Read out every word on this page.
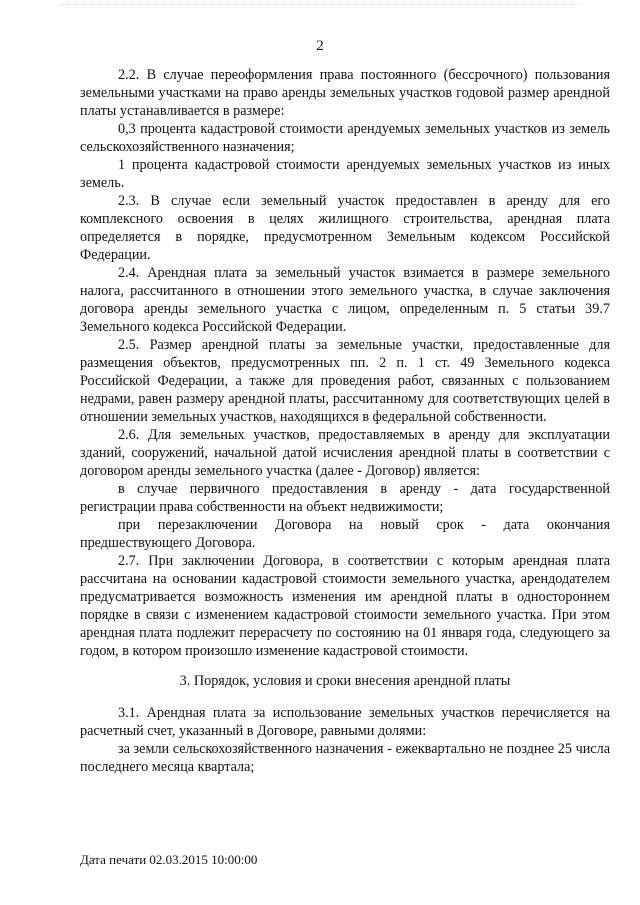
2

2.2. В случае переоформления права постоянного (бессрочного) пользования земельными участками на право аренды земельных участков годовой размер арендной платы устанавливается в размере:

0,3 процента кадастровой стоимости арендуемых земельных участков из земель сельскохозяйственного назначения;

1 процента кадастровой стоимости арендуемых земельных участков из иных земель.

2.3. В случае если земельный участок предоставлен в аренду для его комплексного освоения в целях жилищного строительства, арендная плата определяется в порядке, предусмотренном Земельным кодексом Российской Федерации.

2.4. Арендная плата за земельный участок взимается в размере земельного налога, рассчитанного в отношении этого земельного участка, в случае заключения договора аренды земельного участка с лицом, определенным п. 5 статьи 39.7 Земельного кодекса Российской Федерации.

2.5. Размер арендной платы за земельные участки, предоставленные для размещения объектов, предусмотренных пп. 2 п. 1 ст. 49 Земельного кодекса Российской Федерации, а также для проведения работ, связанных с пользованием недрами, равен размеру арендной платы, рассчитанному для соответствующих целей в отношении земельных участков, находящихся в федеральной собственности.

2.6. Для земельных участков, предоставляемых в аренду для эксплуатации зданий, сооружений, начальной датой исчисления арендной платы в соответствии с договором аренды земельного участка (далее - Договор) является:

в случае первичного предоставления в аренду - дата государственной регистрации права собственности на объект недвижимости;

при перезаключении Договора на новый срок - дата окончания предшествующего Договора.

2.7. При заключении Договора, в соответствии с которым арендная плата рассчитана на основании кадастровой стоимости земельного участка, арендодателем предусматривается возможность изменения им арендной платы в одностороннем порядке в связи с изменением кадастровой стоимости земельного участка. При этом арендная плата подлежит перерасчету по состоянию на 01 января года, следующего за годом, в котором произошло изменение кадастровой стоимости.

3. Порядок, условия и сроки внесения арендной платы

3.1. Арендная плата за использование земельных участков перечисляется на расчетный счет, указанный в Договоре, равными долями:

за земли сельскохозяйственного назначения - ежеквартально не позднее 25 числа последнего месяца квартала;

Дата печати 02.03.2015 10:00:00
